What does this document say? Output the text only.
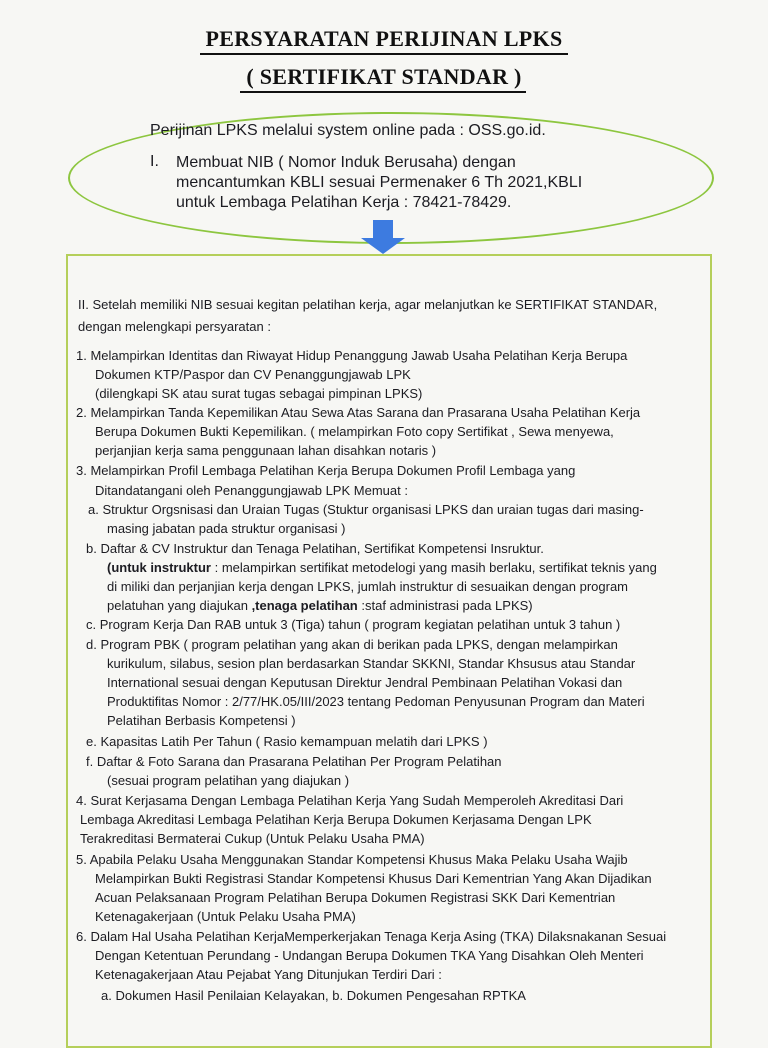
PERSYARATAN PERIJINAN LPKS
( SERTIFIKAT STANDAR )
Perijinan LPKS melalui system online pada : OSS.go.id.
I. Membuat NIB ( Nomor Induk Berusaha) dengan
mencantumkan KBLI sesuai Permenaker 6 Th 2021,KBLI
untuk Lembaga Pelatihan Kerja : 78421-78429.
II. Setelah memiliki NIB sesuai kegitan pelatihan kerja, agar melanjutkan ke SERTIFIKAT STANDAR,
dengan melengkapi persyaratan :
1. Melampirkan Identitas dan Riwayat Hidup Penanggung Jawab Usaha Pelatihan Kerja Berupa
Dokumen KTP/Paspor dan CV Penanggungjawab LPK
(dilengkapi SK atau surat tugas sebagai pimpinan LPKS)
2. Melampirkan Tanda Kepemilikan Atau Sewa Atas Sarana dan Prasarana Usaha Pelatihan Kerja
Berupa Dokumen Bukti Kepemilikan. ( melampirkan Foto copy Sertifikat , Sewa menyewa,
perjanjian kerja sama penggunaan lahan disahkan notaris )
3. Melampirkan Profil Lembaga Pelatihan Kerja Berupa Dokumen Profil Lembaga yang
Ditandatangani oleh Penanggungjawab LPK Memuat :
a. Struktur Orgsnisasi dan Uraian Tugas (Stuktur organisasi LPKS dan uraian tugas dari masing-
masing jabatan pada struktur organisasi )
b. Daftar & CV Instruktur dan Tenaga Pelatihan, Sertifikat Kompetensi Insruktur.
(untuk instruktur : melampirkan sertifikat metodelogi yang masih berlaku, sertifikat teknis yang
di miliki dan perjanjian kerja dengan LPKS, jumlah instruktur di sesuaikan dengan program
pelatuhan yang diajukan ,tenaga pelatihan :staf administrasi pada LPKS)
c. Program Kerja Dan RAB untuk 3 (Tiga) tahun ( program kegiatan pelatihan untuk 3 tahun )
d. Program PBK ( program pelatihan yang akan di berikan pada LPKS, dengan melampirkan
kurikulum, silabus, sesion plan berdasarkan Standar SKKNI, Standar Khsusus atau Standar
International sesuai dengan Keputusan Direktur Jendral Pembinaan Pelatihan Vokasi dan
Produktifitas Nomor : 2/77/HK.05/III/2023 tentang Pedoman Penyusunan Program dan Materi
Pelatihan Berbasis Kompetensi )
e. Kapasitas Latih Per Tahun ( Rasio kemampuan melatih dari LPKS )
f. Daftar & Foto Sarana dan Prasarana Pelatihan Per Program Pelatihan
(sesuai program pelatihan yang diajukan )
4. Surat Kerjasama Dengan Lembaga Pelatihan Kerja Yang Sudah Memperoleh Akreditasi Dari
Lembaga Akreditasi Lembaga Pelatihan Kerja Berupa Dokumen Kerjasama Dengan LPK
Terakreditasi Bermaterai Cukup (Untuk Pelaku Usaha PMA)
5. Apabila Pelaku Usaha Menggunakan Standar Kompetensi Khusus Maka Pelaku Usaha Wajib
Melampirkan Bukti Registrasi Standar Kompetensi Khusus Dari Kementrian Yang Akan Dijadikan
Acuan Pelaksanaan Program Pelatihan Berupa Dokumen Registrasi SKK Dari Kementrian
Ketenagakerjaan (Untuk Pelaku Usaha PMA)
6. Dalam Hal Usaha Pelatihan KerjaMemperkerjakan Tenaga Kerja Asing (TKA) Dilaksnakanan Sesuai
Dengan Ketentuan Perundang - Undangan Berupa Dokumen TKA Yang Disahkan Oleh Menteri
Ketenagakerjaan Atau Pejabat Yang Ditunjukan Terdiri Dari :
a. Dokumen Hasil Penilaian Kelayakan, b. Dokumen Pengesahan RPTKA
